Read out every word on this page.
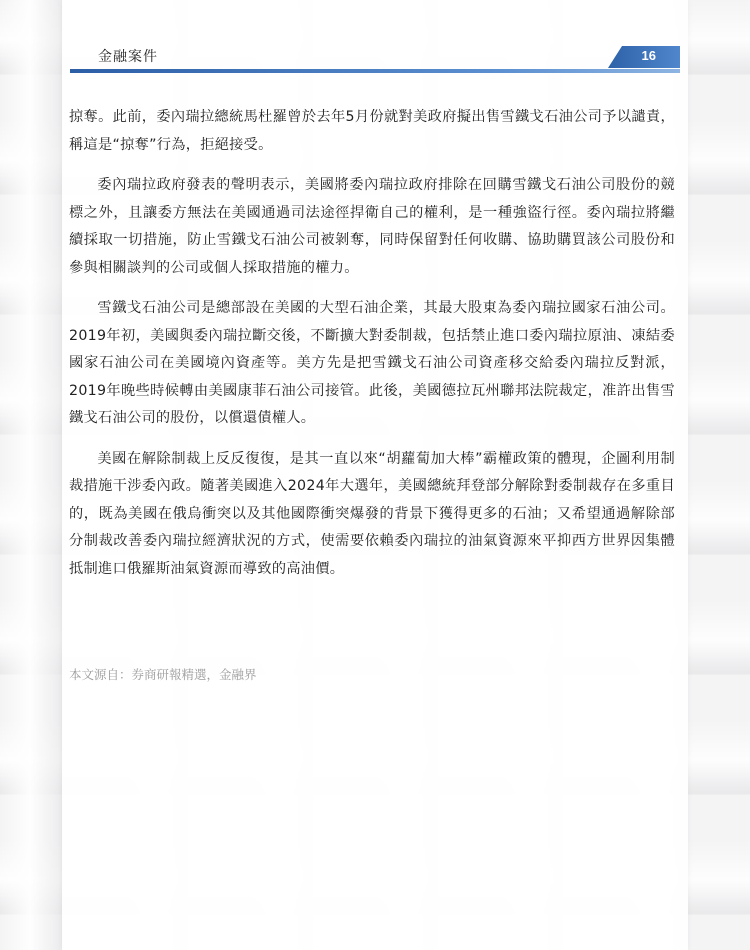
金融案件	16

掠奪。此前，委內瑞拉總統馬杜羅曾於去年5月份就對美政府擬出售雪鐵戈石油公司予以譴責，稱這是“掠奪”行為，拒絕接受。

委內瑞拉政府發表的聲明表示，美國將委內瑞拉政府排除在回購雪鐵戈石油公司股份的競標之外，且讓委方無法在美國通過司法途徑捍衛自己的權利，是一種強盜行徑。委內瑞拉將繼續採取一切措施，防止雪鐵戈石油公司被剝奪，同時保留對任何收購、協助購買該公司股份和參與相關談判的公司或個人採取措施的權力。

雪鐵戈石油公司是總部設在美國的大型石油企業，其最大股東為委內瑞拉國家石油公司。2019年初，美國與委內瑞拉斷交後，不斷擴大對委制裁，包括禁止進口委內瑞拉原油、凍結委國家石油公司在美國境內資產等。美方先是把雪鐵戈石油公司資產移交給委內瑞拉反對派，2019年晚些時候轉由美國康菲石油公司接管。此後，美國德拉瓦州聯邦法院裁定，准許出售雪鐵戈石油公司的股份，以償還債權人。

美國在解除制裁上反反復復，是其一直以來“胡蘿蔔加大棒”霸權政策的體現，企圖利用制裁措施干涉委內政。隨著美國進入2024年大選年，美國總統拜登部分解除對委制裁存在多重目的，既為美國在俄烏衝突以及其他國際衝突爆發的背景下獲得更多的石油；又希望通過解除部分制裁改善委內瑞拉經濟狀況的方式，使需要依賴委內瑞拉的油氣資源來平抑西方世界因集體抵制進口俄羅斯油氣資源而導致的高油價。

本文源自：券商研報精選，金融界
